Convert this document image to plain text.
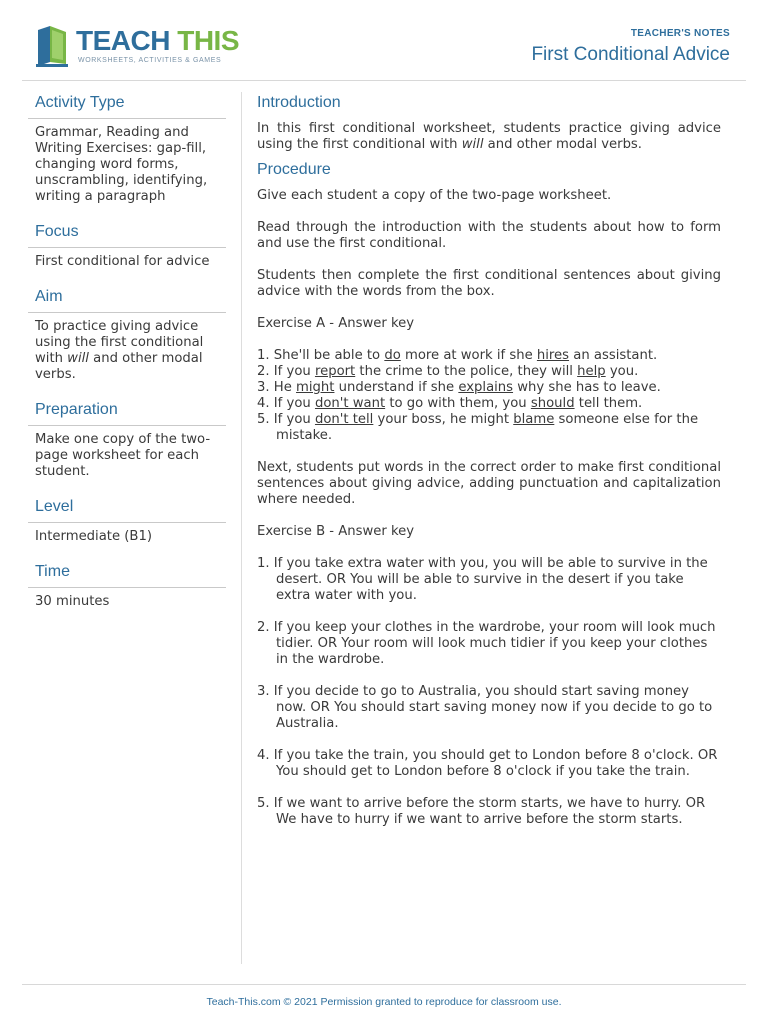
TEACH THIS
WORKSHEETS, ACTIVITIES & GAMES
TEACHER'S NOTES
First Conditional Advice
Activity Type
Grammar, Reading and Writing Exercises: gap-fill, changing word forms, unscrambling, identifying, writing a paragraph
Focus
First conditional for advice
Aim
To practice giving advice using the first conditional with will and other modal verbs.
Preparation
Make one copy of the two-page worksheet for each student.
Level
Intermediate (B1)
Time
30 minutes
Introduction
In this first conditional worksheet, students practice giving advice using the first conditional with will and other modal verbs.
Procedure
Give each student a copy of the two-page worksheet.
Read through the introduction with the students about how to form and use the first conditional.
Students then complete the first conditional sentences about giving advice with the words from the box.
Exercise A - Answer key
1. She'll be able to do more at work if she hires an assistant.
2. If you report the crime to the police, they will help you.
3. He might understand if she explains why she has to leave.
4. If you don't want to go with them, you should tell them.
5. If you don't tell your boss, he might blame someone else for the mistake.
Next, students put words in the correct order to make first conditional sentences about giving advice, adding punctuation and capitalization where needed.
Exercise B - Answer key
1. If you take extra water with you, you will be able to survive in the desert. OR You will be able to survive in the desert if you take extra water with you.
2. If you keep your clothes in the wardrobe, your room will look much tidier. OR Your room will look much tidier if you keep your clothes in the wardrobe.
3. If you decide to go to Australia, you should start saving money now. OR You should start saving money now if you decide to go to Australia.
4. If you take the train, you should get to London before 8 o'clock. OR You should get to London before 8 o'clock if you take the train.
5. If we want to arrive before the storm starts, we have to hurry. OR We have to hurry if we want to arrive before the storm starts.
Teach-This.com © 2021 Permission granted to reproduce for classroom use.
